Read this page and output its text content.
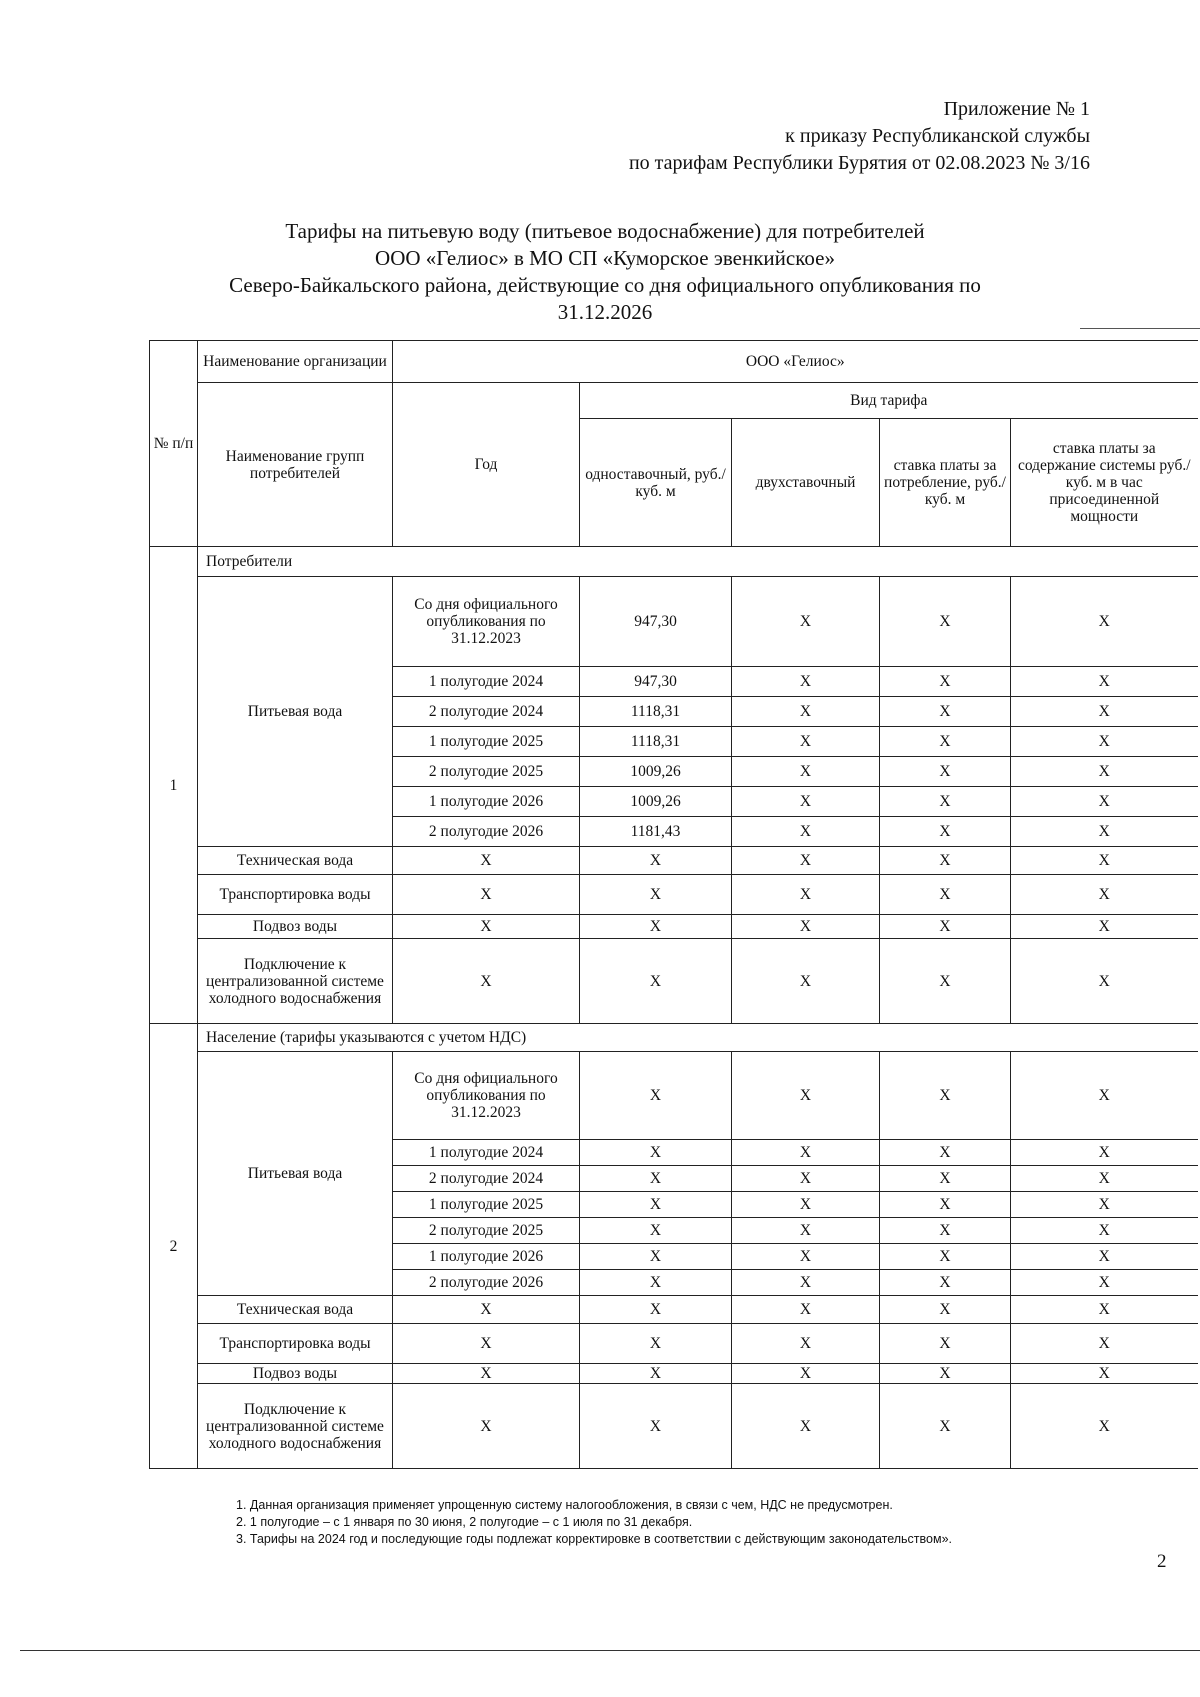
Приложение № 1
к приказу Республиканской службы
по тарифам Республики Бурятия от 02.08.2023 № 3/16
Тарифы на питьевую воду (питьевое водоснабжение) для потребителей
ООО «Гелиос» в МО СП «Куморское эвенкийское»
Северо-Байкальского района, действующие со дня официального опубликования по
31.12.2026
№ п/п	Наименование организации	ООО «Гелиос»				
	Наименование групп потребителей	Год	Вид тарифа			
			одноставочный, руб./ куб. м	двухставочный	ставка платы за потребление, руб./ куб. м	ставка платы за содержание системы руб./куб. м в час присоединенной мощности
1	Потребители					
	Питьевая вода	Со дня официального опубликования по 31.12.2023	947,30	X	X	X
		1 полугодие 2024	947,30	X	X	X
		2 полугодие 2024	1118,31	X	X	X
		1 полугодие 2025	1118,31	X	X	X
		2 полугодие 2025	1009,26	X	X	X
		1 полугодие 2026	1009,26	X	X	X
		2 полугодие 2026	1181,43	X	X	X
	Техническая вода	X	X	X	X	X
	Транспортировка воды	X	X	X	X	X
	Подвоз воды	X	X	X	X	X
	Подключение к централизованной системе холодного водоснабжения	X	X	X	X	X
2	Население (тарифы указываются с учетом НДС)					
	Питьевая вода	Со дня официального опубликования по 31.12.2023	X	X	X	X
		1 полугодие 2024	X	X	X	X
		2 полугодие 2024	X	X	X	X
		1 полугодие 2025	X	X	X	X
		2 полугодие 2025	X	X	X	X
		1 полугодие 2026	X	X	X	X
		2 полугодие 2026	X	X	X	X
	Техническая вода	X	X	X	X	X
	Транспортировка воды	X	X	X	X	X
	Подвоз воды	X	X	X	X	X
	Подключение к централизованной системе холодного водоснабжения	X	X	X	X	X
1. Данная организация применяет упрощенную систему налогообложения, в связи с чем, НДС не предусмотрен.
2. 1 полугодие – с 1 января по 30 июня, 2 полугодие – с 1 июля по 31 декабря.
3. Тарифы на 2024 год и последующие годы подлежат корректировке в соответствии с действующим законодательством».
2
